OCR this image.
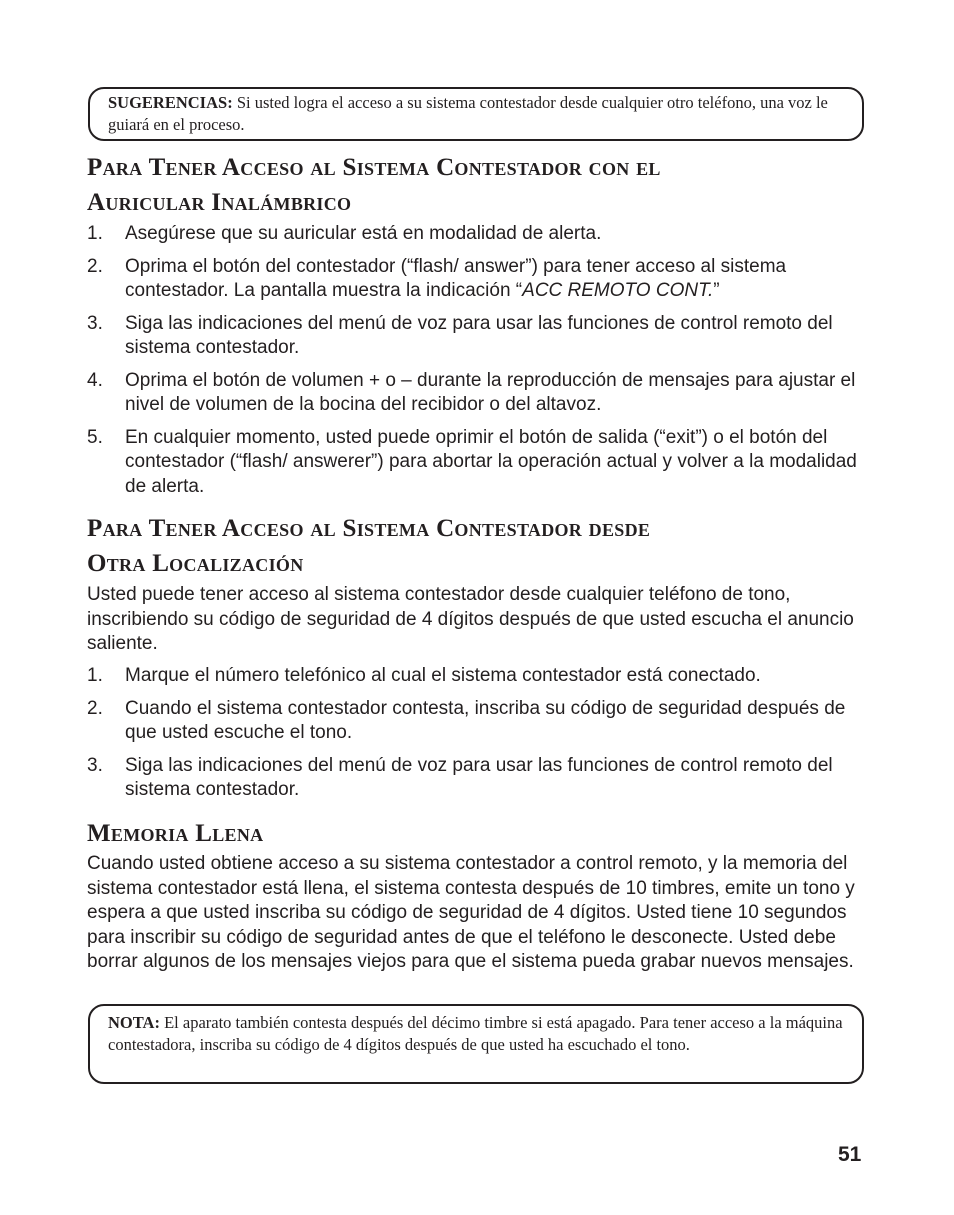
SUGERENCIAS: Si usted logra el acceso a su sistema contestador desde cualquier otro teléfono, una voz le guiará en el proceso.
Para Tener Acceso al Sistema Contestador con el
Auricular Inalámbrico
1. Asegúrese que su auricular está en modalidad de alerta.
2. Oprima el botón del contestador (“flash/ answer”) para tener acceso al sistema contestador. La pantalla muestra la indicación “ACC REMOTO CONT.”
3. Siga las indicaciones del menú de voz para usar las funciones de control remoto del sistema contestador.
4. Oprima el botón de volumen + o – durante la reproducción de mensajes para ajustar el nivel de volumen de la bocina del recibidor o del altavoz.
5. En cualquier momento, usted puede oprimir el botón de salida (“exit”) o el botón del contestador (“flash/ answerer”) para abortar la operación actual y volver a la modalidad de alerta.
Para Tener Acceso al Sistema Contestador desde
Otra Localización
Usted puede tener acceso al sistema contestador desde cualquier teléfono de tono, inscribiendo su código de seguridad de 4 dígitos después de que usted escucha el anuncio saliente.
1. Marque el número telefónico al cual el sistema contestador está conectado.
2. Cuando el sistema contestador contesta, inscriba su código de seguridad después de que usted escuche el tono.
3. Siga las indicaciones del menú de voz para usar las funciones de control remoto del sistema contestador.
Memoria Llena
Cuando usted obtiene acceso a su sistema contestador a control remoto, y la memoria del sistema contestador está llena, el sistema contesta después de 10 timbres, emite un tono y espera a que usted inscriba su código de seguridad de 4 dígitos. Usted tiene 10 segundos para inscribir su código de seguridad antes de que el teléfono le desconecte. Usted debe borrar algunos de los mensajes viejos para que el sistema pueda grabar nuevos mensajes.
NOTA: El aparato también contesta después del décimo timbre si está apagado. Para tener acceso a la máquina contestadora, inscriba su código de 4 dígitos después de que usted ha escuchado el tono.
51
